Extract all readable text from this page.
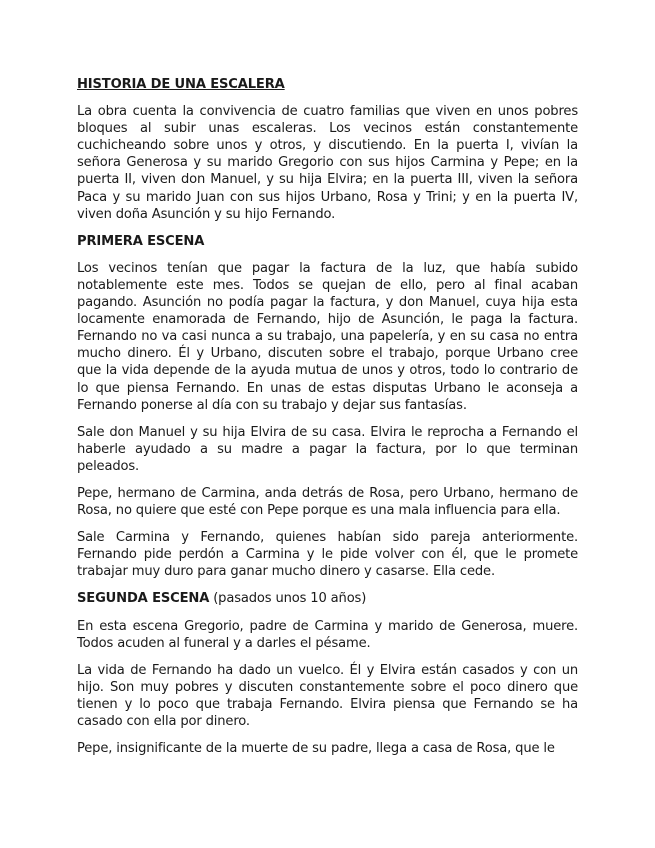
HISTORIA DE UNA ESCALERA

La obra cuenta la convivencia de cuatro familias que viven en unos pobres bloques al subir unas escaleras. Los vecinos están constantemente cuchicheando sobre unos y otros, y discutiendo. En la puerta I, vivían la señora Generosa y su marido Gregorio con sus hijos Carmina y Pepe; en la puerta II, viven don Manuel, y su hija Elvira; en la puerta III, viven la señora Paca y su marido Juan con sus hijos Urbano, Rosa y Trini; y en la puerta IV, viven doña Asunción y su hijo Fernando.

PRIMERA ESCENA

Los vecinos tenían que pagar la factura de la luz, que había subido notablemente este mes. Todos se quejan de ello, pero al final acaban pagando. Asunción no podía pagar la factura, y don Manuel, cuya hija esta locamente enamorada de Fernando, hijo de Asunción, le paga la factura. Fernando no va casi nunca a su trabajo, una papelería, y en su casa no entra mucho dinero. Él y Urbano, discuten sobre el trabajo, porque Urbano cree que la vida depende de la ayuda mutua de unos y otros, todo lo contrario de lo que piensa Fernando. En unas de estas disputas Urbano le aconseja a Fernando ponerse al día con su trabajo y dejar sus fantasías.

Sale don Manuel y su hija Elvira de su casa. Elvira le reprocha a Fernando el haberle ayudado a su madre a pagar la factura, por lo que terminan peleados.

Pepe, hermano de Carmina, anda detrás de Rosa, pero Urbano, hermano de Rosa, no quiere que esté con Pepe porque es una mala influencia para ella.

Sale Carmina y Fernando, quienes habían sido pareja anteriormente. Fernando pide perdón a Carmina y le pide volver con él, que le promete trabajar muy duro para ganar mucho dinero y casarse. Ella cede.

SEGUNDA ESCENA (pasados unos 10 años)

En esta escena Gregorio, padre de Carmina y marido de Generosa, muere. Todos acuden al funeral y a darles el pésame.

La vida de Fernando ha dado un vuelco. Él y Elvira están casados y con un hijo. Son muy pobres y discuten constantemente sobre el poco dinero que tienen y lo poco que trabaja Fernando. Elvira piensa que Fernando se ha casado con ella por dinero.

Pepe, insignificante de la muerte de su padre, llega a casa de Rosa, que le
